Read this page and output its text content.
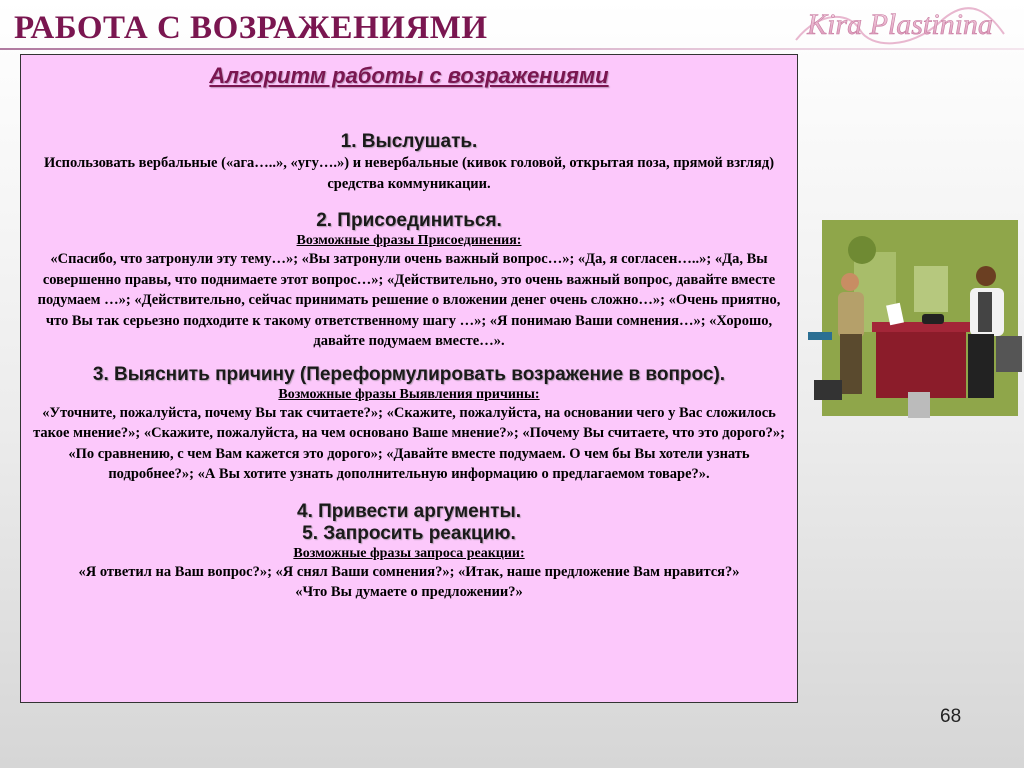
РАБОТА С ВОЗРАЖЕНИЯМИ	Kira Plastinina

Алгоритм работы с возражениями

1. Выслушать.

Использовать вербальные («ага…..», «угу….») и невербальные (кивок головой, открытая поза, прямой взгляд) средства коммуникации.

2. Присоединиться.

Возможные фразы Присоединения:

«Спасибо, что затронули эту тему…»; «Вы затронули очень важный вопрос…»; «Да, я согласен…..»; «Да, Вы совершенно правы, что поднимаете этот вопрос…»; «Действительно, это очень важный вопрос, давайте вместе подумаем …»; «Действительно, сейчас принимать решение о вложении денег очень сложно…»; «Очень приятно, что Вы так серьезно подходите к такому ответственному шагу …»; «Я понимаю Ваши сомнения…»; «Хорошо, давайте подумаем вместе…».

3. Выяснить причину (Переформулировать возражение в вопрос).

Возможные фразы Выявления причины:

«Уточните, пожалуйста, почему Вы так считаете?»; «Скажите, пожалуйста, на основании чего у Вас сложилось такое мнение?»; «Скажите, пожалуйста, на чем основано Ваше мнение?»; «Почему Вы считаете, что это дорого?»; «По сравнению, с чем Вам кажется это дорого»; «Давайте вместе подумаем. О чем бы Вы хотели узнать подробнее?»; «А Вы хотите узнать дополнительную информацию о предлагаемом товаре?».

4. Привести аргументы.

5. Запросить реакцию.

Возможные фразы запроса реакции:

«Я ответил на Ваш вопрос?»; «Я снял Ваши сомнения?»; «Итак, наше предложение Вам нравится?»

«Что Вы думаете о предложении?»

68
